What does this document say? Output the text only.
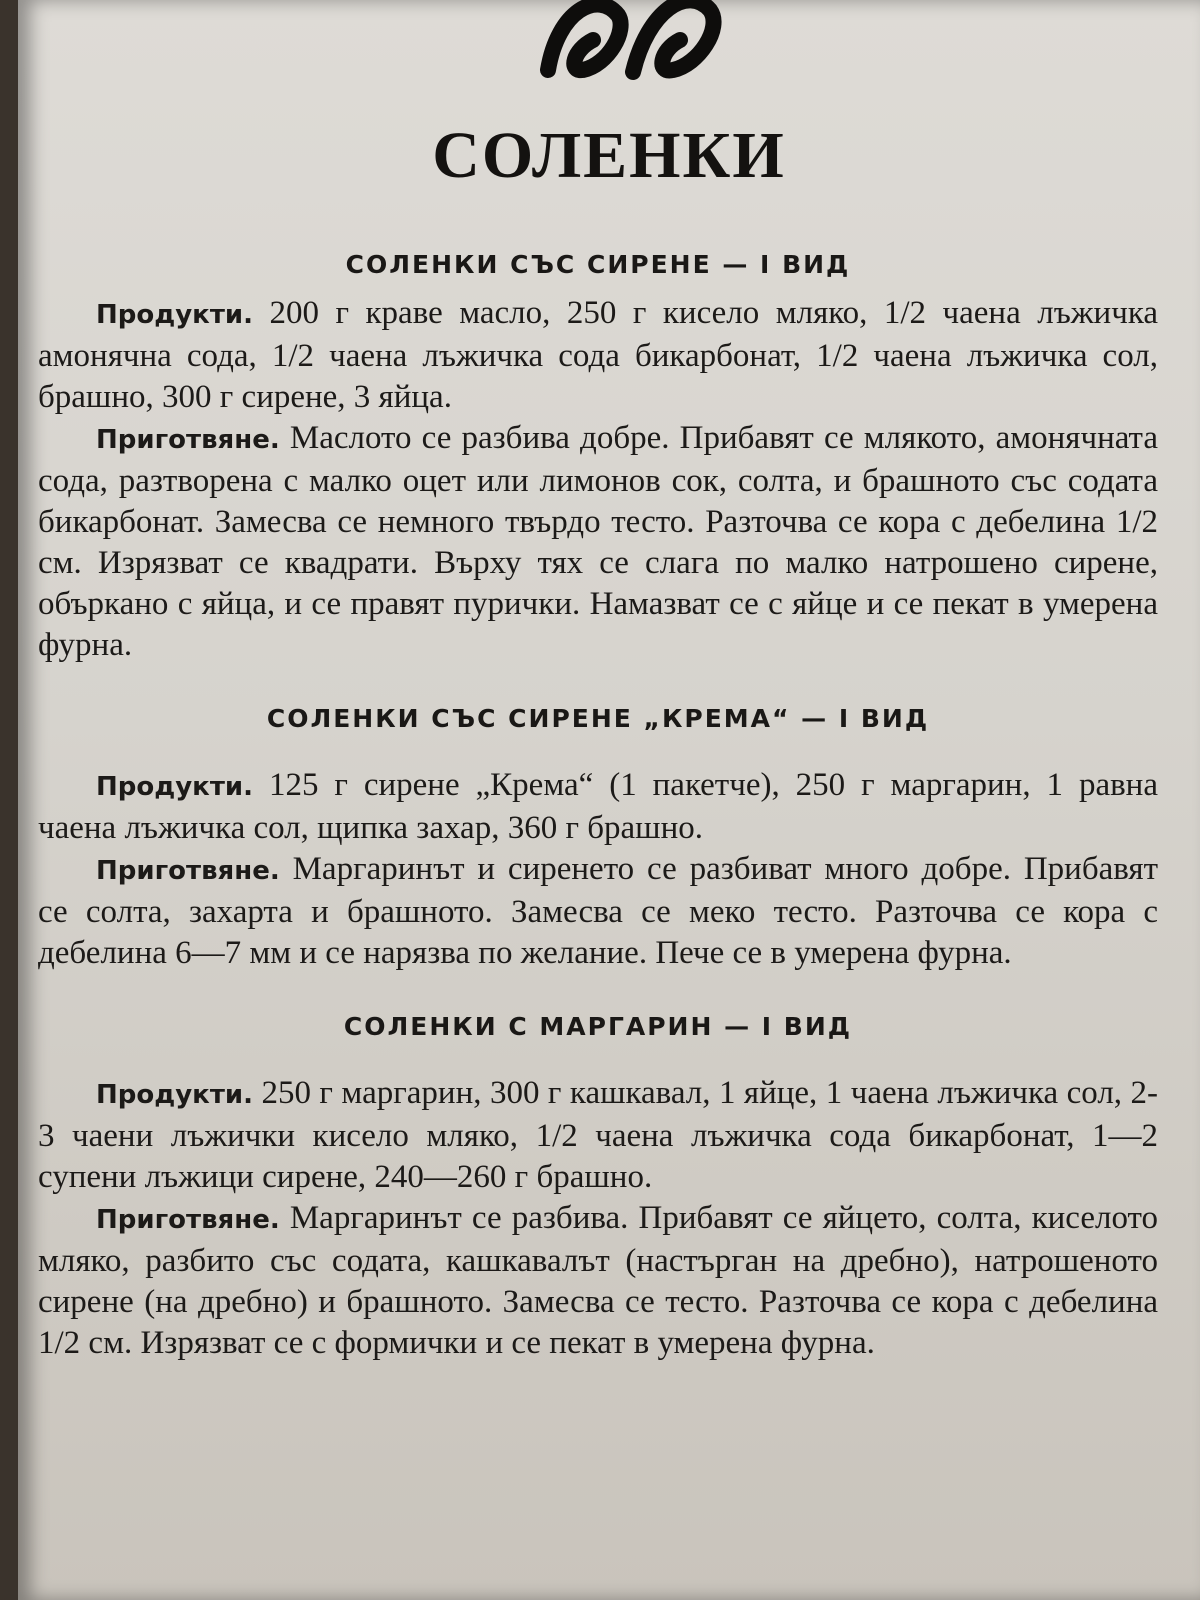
СОЛЕНКИ
СОЛЕНКИ СЪС СИРЕНЕ — I ВИД

Продукти. 200 г краве масло, 250 г кисело мляко, 1/2 чаена лъжичка амонячна сода, 1/2 чаена лъжичка сода бикарбонат, 1/2 чаена лъжичка сол, брашно, 300 г сирене, 3 яйца.

Приготвяне. Маслото се разбива добре. Прибавят се млякото, амонячната сода, разтворена с малко оцет или лимонов сок, солта, и брашното със содата бикарбонат. Замесва се немного твърдо тесто. Разточва се кора с дебелина 1/2 см. Изрязват се квадрати. Върху тях се слага по малко натрошено сирене, объркано с яйца, и се правят пурички. Намазват се с яйце и се пекат в умерена фурна.

СОЛЕНКИ СЪС СИРЕНЕ „КРЕМА“ — I ВИД

Продукти. 125 г сирене „Крема“ (1 пакетче), 250 г маргарин, 1 равна чаена лъжичка сол, щипка захар, 360 г брашно.

Приготвяне. Маргаринът и сиренето се разбиват много добре. Прибавят се солта, захарта и брашното. Замесва се меко тесто. Разточва се кора с дебелина 6—7 мм и се нарязва по желание. Пече се в умерена фурна.

СОЛЕНКИ С МАРГАРИН — I ВИД

Продукти. 250 г маргарин, 300 г кашкавал, 1 яйце, 1 чаена лъжичка сол, 2-3 чаени лъжички кисело мляко, 1/2 чаена лъжичка сода бикарбонат, 1—2 супени лъжици сирене, 240—260 г брашно.

Приготвяне. Маргаринът се разбива. Прибавят се яйцето, солта, киселото мляко, разбито със содата, кашкавалът (настърган на дребно), натрошеното сирене (на дребно) и брашното. Замесва се тесто. Разточва се кора с дебелина 1/2 см. Изрязват се с формички и се пекат в умерена фурна.
